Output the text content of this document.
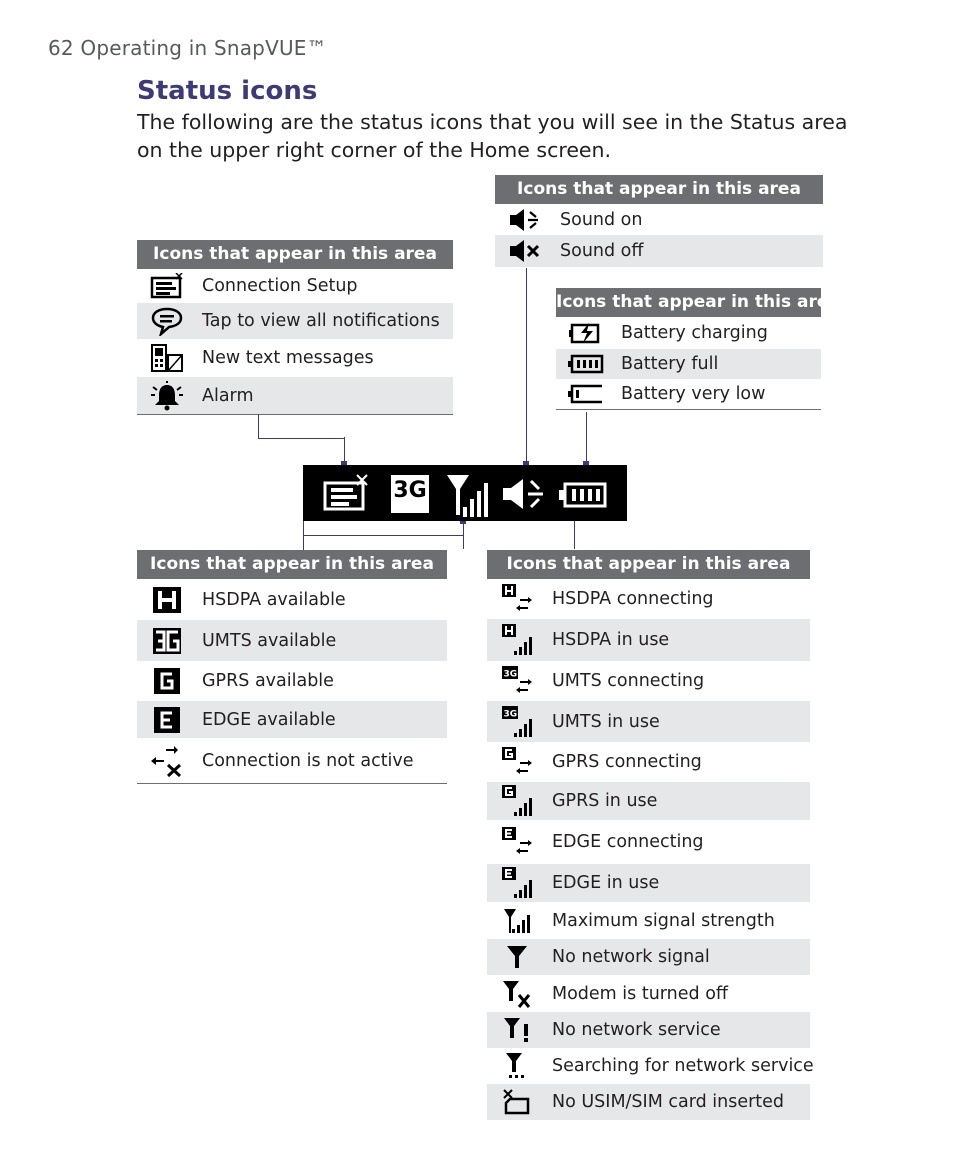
62 Operating in SnapVUE™
Status icons
The following are the status icons that you will see in the Status area on the upper right corner of the Home screen.
Icons that appear in this area
Connection Setup
Tap to view all notifications
New text messages
Alarm
Icons that appear in this area
Sound on
Sound off
Icons that appear in this area
Battery charging
Battery full
Battery very low
3G
Icons that appear in this area
HSDPA available
UMTS available
GPRS available
EDGE available
Connection is not active
Icons that appear in this area
HSDPA connecting
HSDPA in use
3G UMTS connecting
3G UMTS in use
GPRS connecting
GPRS in use
EDGE connecting
EDGE in use
Maximum signal strength
No network signal
Modem is turned off
No network service
Searching for network service
No USIM/SIM card inserted
